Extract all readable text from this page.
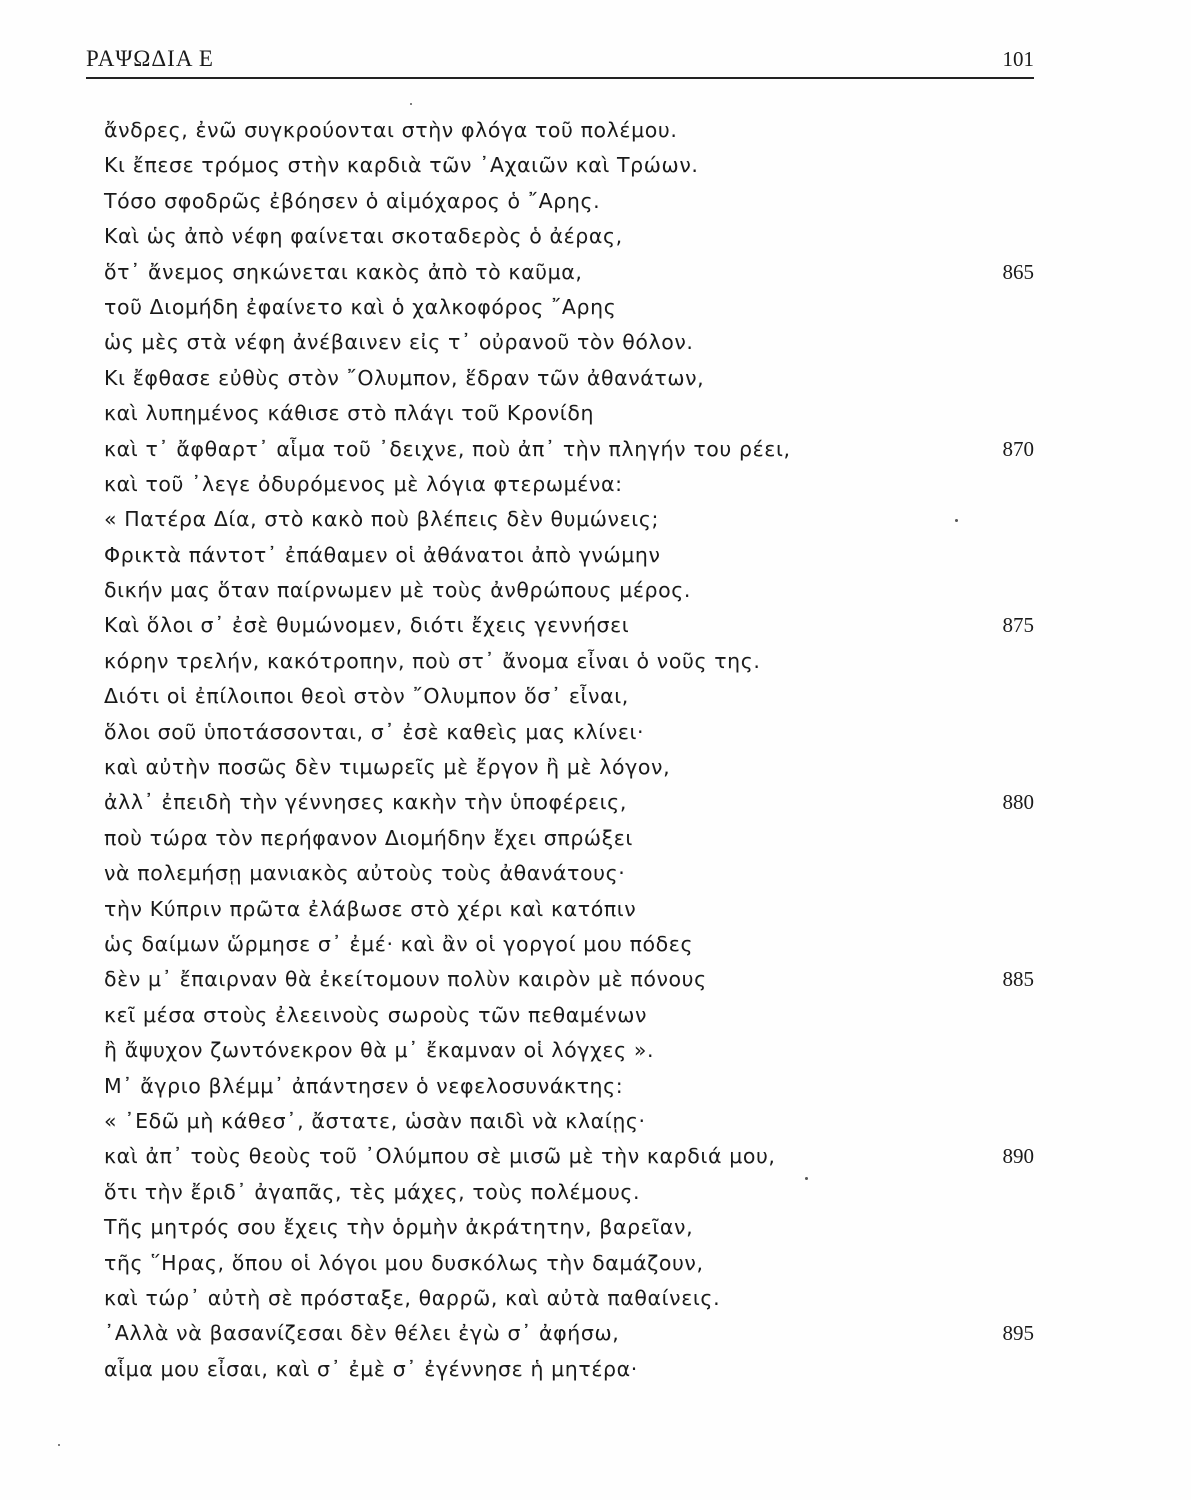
ΡΑΨΩΔΙΑ Ε	101
ἄνδρες, ἐνῶ συγκρούονται στὴν φλόγα τοῦ πολέμου.
Κι ἔπεσε τρόμος στὴν καρδιὰ τῶν ᾿Αχαιῶν καὶ Τρώων.
Τόσο σφοδρῶς ἐβόησεν ὁ αἱμόχαρος ὁ ῎Αρης.
Καὶ ὡς ἀπὸ νέφη φαίνεται σκοταδερὸς ὁ ἀέρας,
ὅτ᾿ ἄνεμος σηκώνεται κακὸς ἀπὸ τὸ καῦμα,	865
τοῦ Διομήδη ἐφαίνετο καὶ ὁ χαλκοφόρος ῎Αρης
ὡς μὲς στὰ νέφη ἀνέβαινεν εἰς τ᾿ οὐρανοῦ τὸν θόλον.
Κι ἔφθασε εὐθὺς στὸν ῎Ολυμπον, ἕδραν τῶν ἀθανάτων,
καὶ λυπημένος κάθισε στὸ πλάγι τοῦ Κρονίδη
καὶ τ᾿ ἄφθαρτ᾿ αἷμα τοῦ ᾿δειχνε, ποὺ ἀπ᾿ τὴν πληγήν του ρέει,	870
καὶ τοῦ ᾿λεγε ὀδυρόμενος μὲ λόγια φτερωμένα:
« Πατέρα Δία, στὸ κακὸ ποὺ βλέπεις δὲν θυμώνεις;
Φρικτὰ πάντοτ᾿ ἐπάθαμεν οἱ ἀθάνατοι ἀπὸ γνώμην
δικήν μας ὅταν παίρνωμεν μὲ τοὺς ἀνθρώπους μέρος.
Καὶ ὅλοι σ᾿ ἐσὲ θυμώνομεν, διότι ἔχεις γεννήσει	875
κόρην τρελήν, κακότροπην, ποὺ στ᾿ ἄνομα εἶναι ὁ νοῦς της.
Διότι οἱ ἐπίλοιποι θεοὶ στὸν ῎Ολυμπον ὅσ᾿ εἶναι,
ὅλοι σοῦ ὑποτάσσονται, σ᾿ ἐσὲ καθεὶς μας κλίνει·
καὶ αὐτὴν ποσῶς δὲν τιμωρεῖς μὲ ἔργον ἢ μὲ λόγον,
ἀλλ᾿ ἐπειδὴ τὴν γέννησες κακὴν τὴν ὑποφέρεις,	880
ποὺ τώρα τὸν περήφανον Διομήδην ἔχει σπρώξει
νὰ πολεμήσῃ μανιακὸς αὐτοὺς τοὺς ἀθανάτους·
τὴν Κύπριν πρῶτα ἐλάβωσε στὸ χέρι καὶ κατόπιν
ὡς δαίμων ὥρμησε σ᾿ ἐμέ· καὶ ἂν οἱ γοργοί μου πόδες
δὲν μ᾿ ἔπαιρναν θὰ ἐκείτομουν πολὺν καιρὸν μὲ πόνους	885
κεῖ μέσα στοὺς ἐλεεινοὺς σωροὺς τῶν πεθαμένων
ἢ ἄψυχον ζωντόνεκρον θὰ μ᾿ ἔκαμναν οἱ λόγχες ».
Μ᾿ ἄγριο βλέμμ᾿ ἀπάντησεν ὁ νεφελοσυνάκτης:
« ᾿Εδῶ μὴ κάθεσ᾿, ἄστατε, ὡσὰν παιδὶ νὰ κλαίῃς·
καὶ ἀπ᾿ τοὺς θεοὺς τοῦ ᾿Ολύμπου σὲ μισῶ μὲ τὴν καρδιά μου,	890
ὅτι τὴν ἔριδ᾿ ἀγαπᾶς, τὲς μάχες, τοὺς πολέμους.
Τῆς μητρός σου ἔχεις τὴν ὁρμὴν ἀκράτητην, βαρεῖαν,
τῆς ῞Ηρας, ὅπου οἱ λόγοι μου δυσκόλως τὴν δαμάζουν,
καὶ τώρ᾿ αὐτὴ σὲ πρόσταξε, θαρρῶ, καὶ αὐτὰ παθαίνεις.
᾿Αλλὰ νὰ βασανίζεσαι δὲν θέλει ἐγὼ σ᾿ ἀφήσω,	895
αἷμα μου εἶσαι, καὶ σ᾿ ἐμὲ σ᾿ ἐγέννησε ἡ μητέρα·
